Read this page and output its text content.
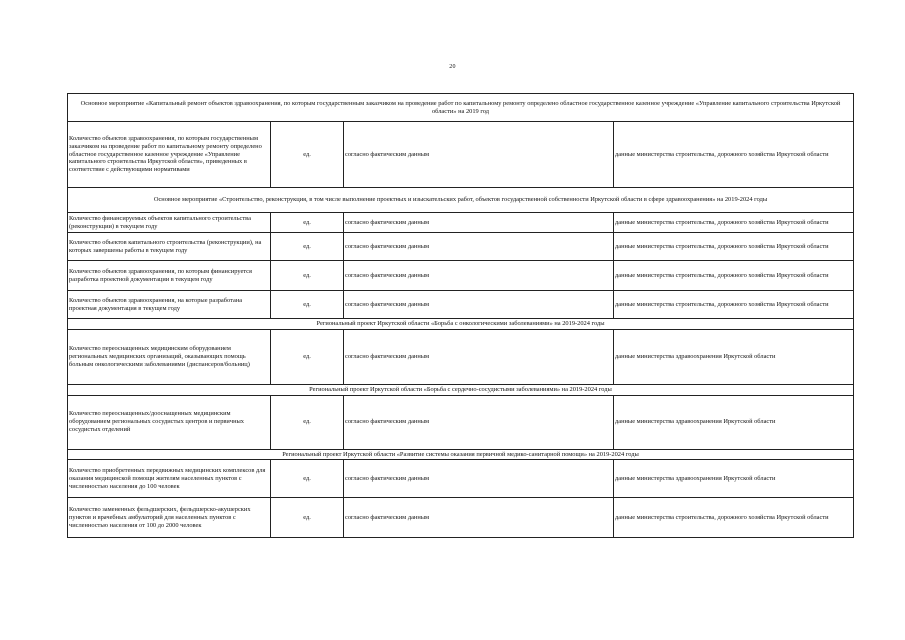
20
Основное мероприятие «Капитальный ремонт объектов здравоохранения, по которым государственным заказчиком на проведение работ по капитальному ремонту определено областное государственное казенное учреждение «Управление капитального строительства Иркутской области» на 2019 год			
Количество объектов здравоохранения, по которым государственным заказчиком на проведение работ по капитальному ремонту определено областное государственное казенное учреждение «Управление капитального строительства Иркутской области», приведенных в соответствие с действующими нормативами	ед.	согласно фактическим данным	данные министерства строительства, дорожного хозяйства Иркутской области
Основное мероприятие «Строительство, реконструкция, в том числе выполнение проектных и изыскательских работ, объектов государственной собственности Иркутской области в сфере здравоохранения» на 2019-2024 годы			
Количество финансируемых объектов капитального строительства (реконструкции) в текущем году	ед.	согласно фактическим данным	данные министерства строительства, дорожного хозяйства Иркутской области
Количество объектов капитального строительства (реконструкции), на которых завершены работы в текущем году	ед.	согласно фактическим данным	данные министерства строительства, дорожного хозяйства Иркутской области
Количество объектов здравоохранения, по которым финансируется разработка проектной документации в текущем году	ед.	согласно фактическим данным	данные министерства строительства, дорожного хозяйства Иркутской области
Количество объектов здравоохранения, на которые разработана проектная документация в текущем году	ед.	согласно фактическим данным	данные министерства строительства, дорожного хозяйства Иркутской области
Региональный проект Иркутской области «Борьба с онкологическими заболеваниями» на 2019-2024 годы			
Количество переоснащенных медицинским оборудованием региональных медицинских организаций, оказывающих помощь больным онкологическими заболеваниями (диспансеров/больниц)	ед.	согласно фактическим данным	данные министерства здравоохранения Иркутской области
Региональный проект Иркутской области «Борьба с сердечно-сосудистыми заболеваниями» на 2019-2024 годы			
Количество переоснащенных/дооснащенных медицинским оборудованием региональных сосудистых центров и первичных сосудистых отделений	ед.	согласно фактическим данным	данные министерства здравоохранения Иркутской области
Региональный проект Иркутской области «Развитие системы оказания первичной медико-санитарной помощи» на 2019-2024 годы			
Количество приобретенных передвижных медицинских комплексов для оказания медицинской помощи жителям населенных пунктов с численностью населения до 100 человек	ед.	согласно фактическим данным	данные министерства здравоохранения Иркутской области
Количество замененных фельдшерских, фельдшерско-акушерских пунктов и врачебных амбулаторий для населенных пунктов с численностью населения от 100 до 2000 человек	ед.	согласно фактическим данным	данные министерства строительства, дорожного хозяйства Иркутской области
